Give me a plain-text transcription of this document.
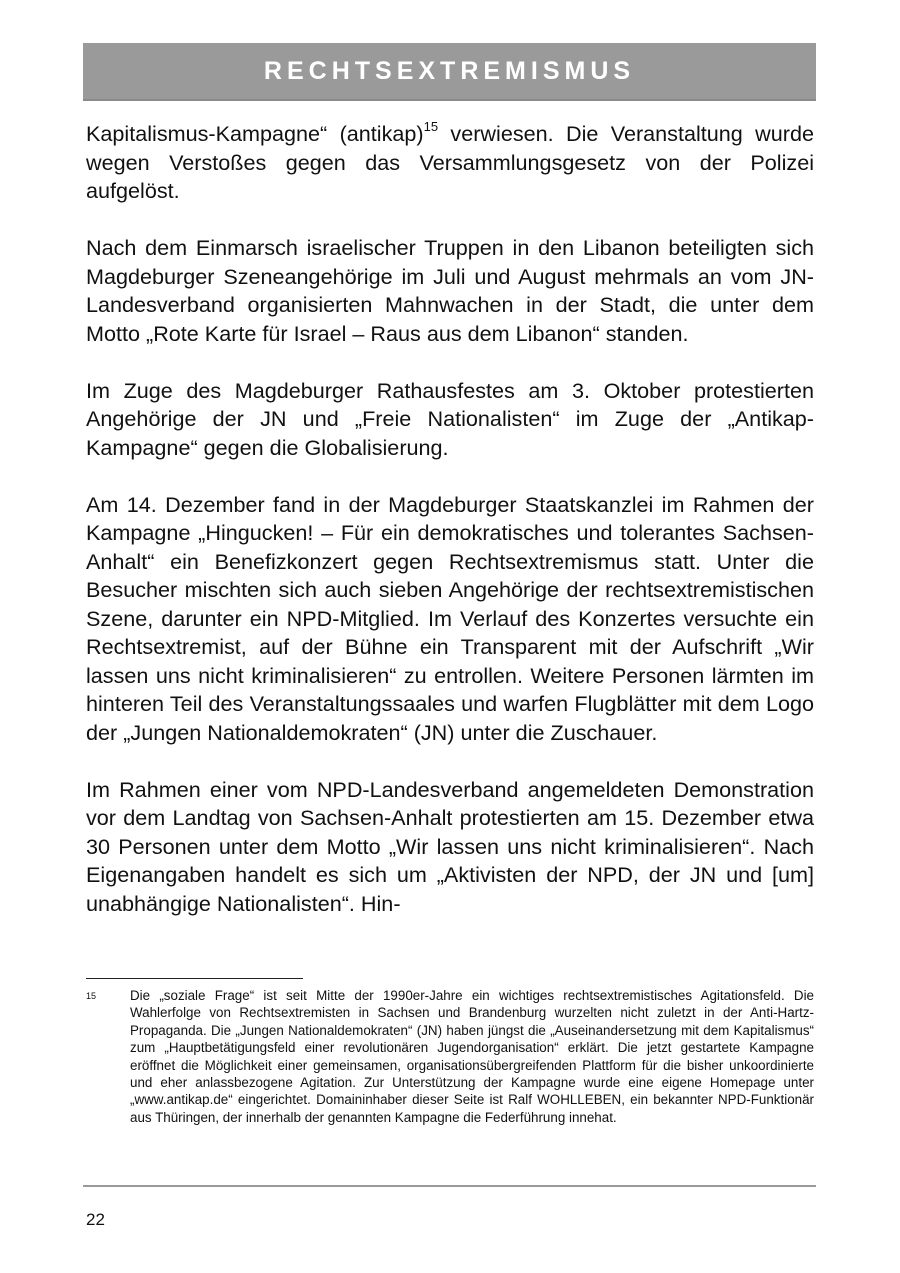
RECHTSEXTREMISMUS

Kapitalismus-Kampagne“ (antikap)$^{15}$ verwiesen. Die Veranstaltung wurde wegen Verstoßes gegen das Versammlungsgesetz von der Polizei aufgelöst.

Nach dem Einmarsch israelischer Truppen in den Libanon beteiligten sich Magdeburger Szeneangehörige im Juli und August mehrmals an vom JN-Landesverband organisierten Mahnwachen in der Stadt, die unter dem Motto „Rote Karte für Israel – Raus aus dem Libanon“ standen.

Im Zuge des Magdeburger Rathausfestes am 3. Oktober protestierten Angehörige der JN und „Freie Nationalisten“ im Zuge der „Antikap-Kampagne“ gegen die Globalisierung.

Am 14. Dezember fand in der Magdeburger Staatskanzlei im Rahmen der Kampagne „Hingucken! – Für ein demokratisches und tolerantes Sachsen-Anhalt“ ein Benefizkonzert gegen Rechtsextremismus statt. Unter die Besucher mischten sich auch sieben Angehörige der rechtsextremistischen Szene, darunter ein NPD-Mitglied. Im Verlauf des Konzertes versuchte ein Rechtsextremist, auf der Bühne ein Transparent mit der Aufschrift „Wir lassen uns nicht kriminalisieren“ zu entrollen. Weitere Personen lärmten im hinteren Teil des Veranstaltungssaales und warfen Flugblätter mit dem Logo der „Jungen Nationaldemokraten“ (JN) unter die Zuschauer.

Im Rahmen einer vom NPD-Landesverband angemeldeten Demonstration vor dem Landtag von Sachsen-Anhalt protestierten am 15. Dezember etwa 30 Personen unter dem Motto „Wir lassen uns nicht kriminalisieren“. Nach Eigenangaben handelt es sich um „Aktivisten der NPD, der JN und [um] unabhängige Nationalisten“. Hin-

15	Die „soziale Frage“ ist seit Mitte der 1990er-Jahre ein wichtiges rechtsextremistisches Agitationsfeld. Die Wahlerfolge von Rechtsextremisten in Sachsen und Brandenburg wurzelten nicht zuletzt in der Anti-Hartz-Propaganda. Die „Jungen Nationaldemokraten“ (JN) haben jüngst die „Auseinandersetzung mit dem Kapitalismus“ zum „Hauptbetätigungsfeld einer revolutionären Jugendorganisation“ erklärt. Die jetzt gestartete Kampagne eröffnet die Möglichkeit einer gemeinsamen, organisationsübergreifenden Plattform für die bisher unkoordinierte und eher anlassbezogene Agitation. Zur Unterstützung der Kampagne wurde eine eigene Homepage unter „www.antikap.de“ eingerichtet. Domaininhaber dieser Seite ist Ralf WOHLLEBEN, ein bekannter NPD-Funktionär aus Thüringen, der innerhalb der genannten Kampagne die Federführung innehat.
22
